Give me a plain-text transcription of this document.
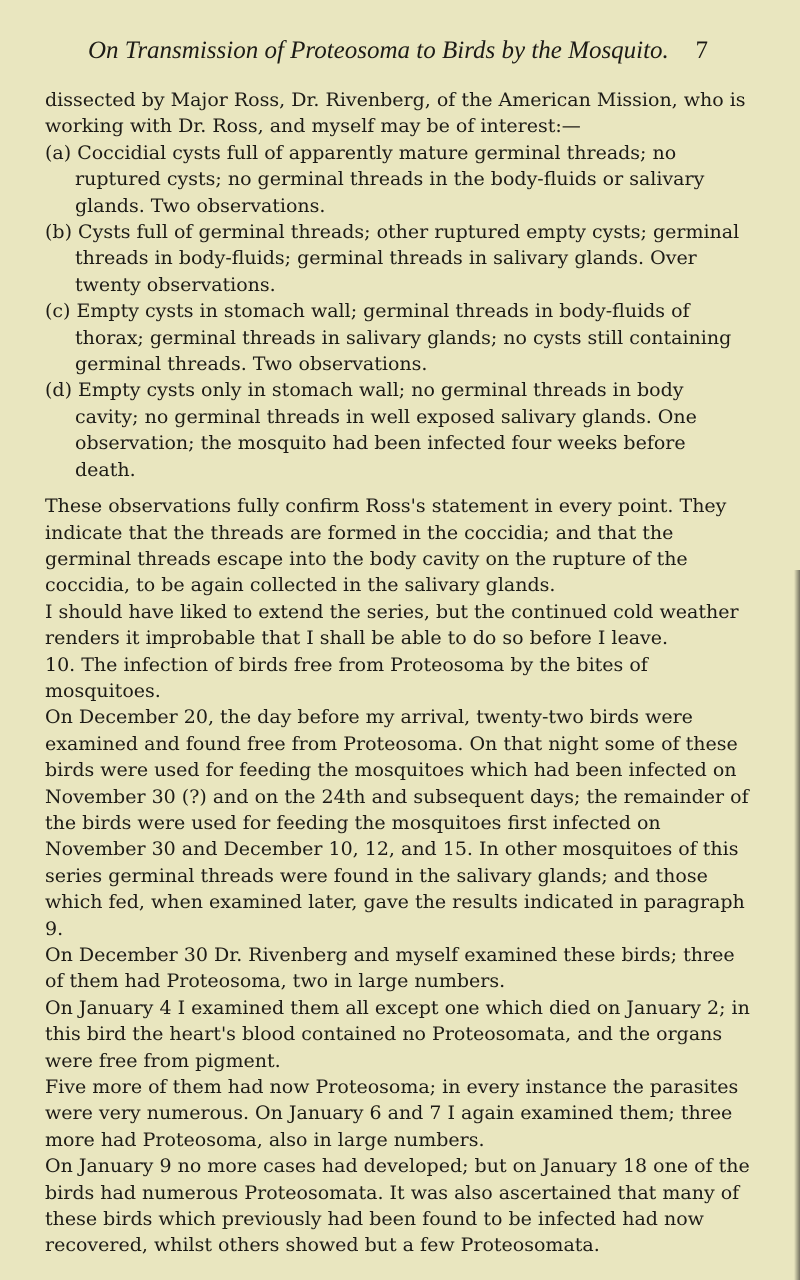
On Transmission of Proteosoma to Birds by the Mosquito. 7

dissected by Major Ross, Dr. Rivenberg, of the American Mission, who is working with Dr. Ross, and myself may be of interest:—

(a) Coccidial cysts full of apparently mature germinal threads; no ruptured cysts; no germinal threads in the body-fluids or salivary glands. Two observations.

(b) Cysts full of germinal threads; other ruptured empty cysts; germinal threads in body-fluids; germinal threads in salivary glands. Over twenty observations.

(c) Empty cysts in stomach wall; germinal threads in body-fluids of thorax; germinal threads in salivary glands; no cysts still containing germinal threads. Two observations.

(d) Empty cysts only in stomach wall; no germinal threads in body cavity; no germinal threads in well exposed salivary glands. One observation; the mosquito had been infected four weeks before death.

These observations fully confirm Ross's statement in every point. They indicate that the threads are formed in the coccidia; and that the germinal threads escape into the body cavity on the rupture of the coccidia, to be again collected in the salivary glands.

I should have liked to extend the series, but the continued cold weather renders it improbable that I shall be able to do so before I leave.

10. The infection of birds free from Proteosoma by the bites of mosquitoes.

On December 20, the day before my arrival, twenty-two birds were examined and found free from Proteosoma. On that night some of these birds were used for feeding the mosquitoes which had been infected on November 30 (?) and on the 24th and subsequent days; the remainder of the birds were used for feeding the mosquitoes first infected on November 30 and December 10, 12, and 15. In other mosquitoes of this series germinal threads were found in the salivary glands; and those which fed, when examined later, gave the results indicated in paragraph 9.

On December 30 Dr. Rivenberg and myself examined these birds; three of them had Proteosoma, two in large numbers.

On January 4 I examined them all except one which died on January 2; in this bird the heart's blood contained no Proteosomata, and the organs were free from pigment.

Five more of them had now Proteosoma; in every instance the parasites were very numerous. On January 6 and 7 I again examined them; three more had Proteosoma, also in large numbers.

On January 9 no more cases had developed; but on January 18 one of the birds had numerous Proteosomata. It was also ascertained that many of these birds which previously had been found to be infected had now recovered, whilst others showed but a few Proteosomata.
